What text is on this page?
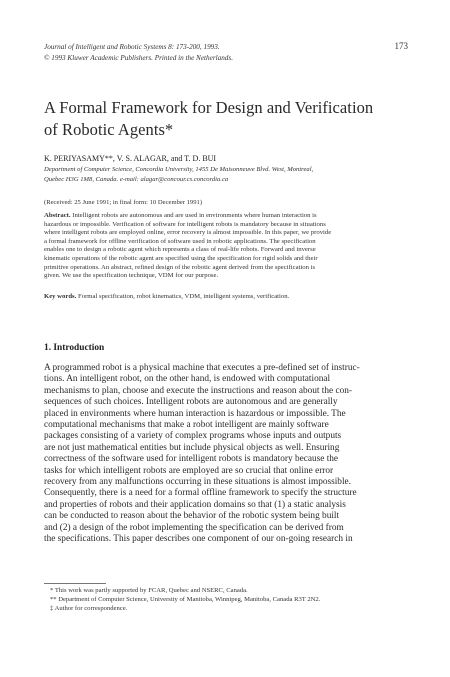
Journal of Intelligent and Robotic Systems 8: 173-200, 1993.
© 1993 Kluwer Academic Publishers. Printed in the Netherlands.
173
A Formal Framework for Design and Verification
of Robotic Agents*
K. PERIYASAMY**, V. S. ALAGAR, and T. D. BUI
Department of Computer Science, Concordia University, 1455 De Maisonneuve Blvd. West, Montreal,
Quebec H3G 1M8, Canada. e-mail: alagar@concour.cs.concordia.ca
(Received: 25 June 1991; in final form: 10 December 1991)
Abstract. Intelligent robots are autonomous and are used in environments where human interaction is
hazardous or impossible. Verification of software for intelligent robots is mandatory because in situations
where intelligent robots are employed online, error recovery is almost impossible. In this paper, we provide
a formal framework for offline verification of software used in robotic applications. The specification
enables one to design a robotic agent which represents a class of real-life robots. Forward and inverse
kinematic operations of the robotic agent are specified using the specification for rigid solids and their
primitive operations. An abstract, refined design of the robotic agent derived from the specification is
given. We use the specification technique, VDM for our purpose.
Key words. Formal specification, robot kinematics, VDM, intelligent systems, verification.
1. Introduction
A programmed robot is a physical machine that executes a pre-defined set of instruc-
tions. An intelligent robot, on the other hand, is endowed with computational
mechanisms to plan, choose and execute the instructions and reason about the con-
sequences of such choices. Intelligent robots are autonomous and are generally
placed in environments where human interaction is hazardous or impossible. The
computational mechanisms that make a robot intelligent are mainly software
packages consisting of a variety of complex programs whose inputs and outputs
are not just mathematical entities but include physical objects as well. Ensuring
correctness of the software used for intelligent robots is mandatory because the
tasks for which intelligent robots are employed are so crucial that online error
recovery from any malfunctions occurring in these situations is almost impossible.
Consequently, there is a need for a formal offline framework to specify the structure
and properties of robots and their application domains so that (1) a static analysis
can be conducted to reason about the behavior of the robotic system being built
and (2) a design of the robot implementing the specification can be derived from
the specifications. This paper describes one component of our on-going research in
* This work was partly supported by FCAR, Quebec and NSERC, Canada.
** Department of Computer Science, University of Manitoba, Winnipeg, Manitoba, Canada R3T 2N2.
‡ Author for correspondence.
